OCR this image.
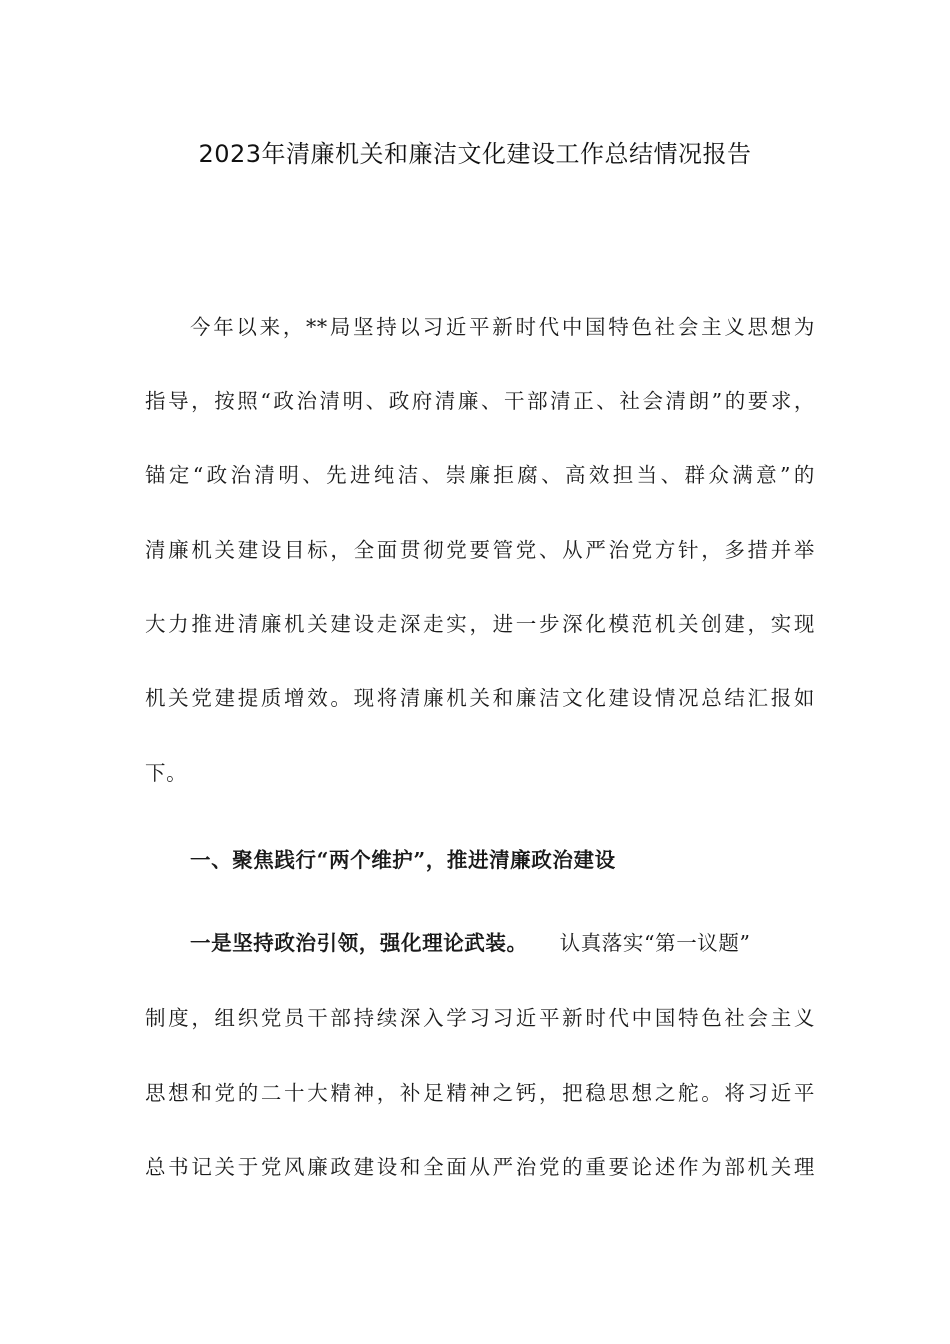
2023年清廉机关和廉洁文化建设工作总结情况报告
今年以来，**局坚持以习近平新时代中国特色社会主义思想为
指导，按照“政治清明、政府清廉、干部清正、社会清朗”的要求，
锚定“政治清明、先进纯洁、崇廉拒腐、高效担当、群众满意”的
清廉机关建设目标，全面贯彻党要管党、从严治党方针，多措并举
大力推进清廉机关建设走深走实，进一步深化模范机关创建，实现
机关党建提质增效。现将清廉机关和廉洁文化建设情况总结汇报如
下。
一、聚焦践行“两个维护”，推进清廉政治建设
一是坚持政治引领，强化理论武装。 认真落实“第一议题”
制度，组织党员干部持续深入学习习近平新时代中国特色社会主义
思想和党的二十大精神，补足精神之钙，把稳思想之舵。将习近平
总书记关于党风廉政建设和全面从严治党的重要论述作为部机关理
